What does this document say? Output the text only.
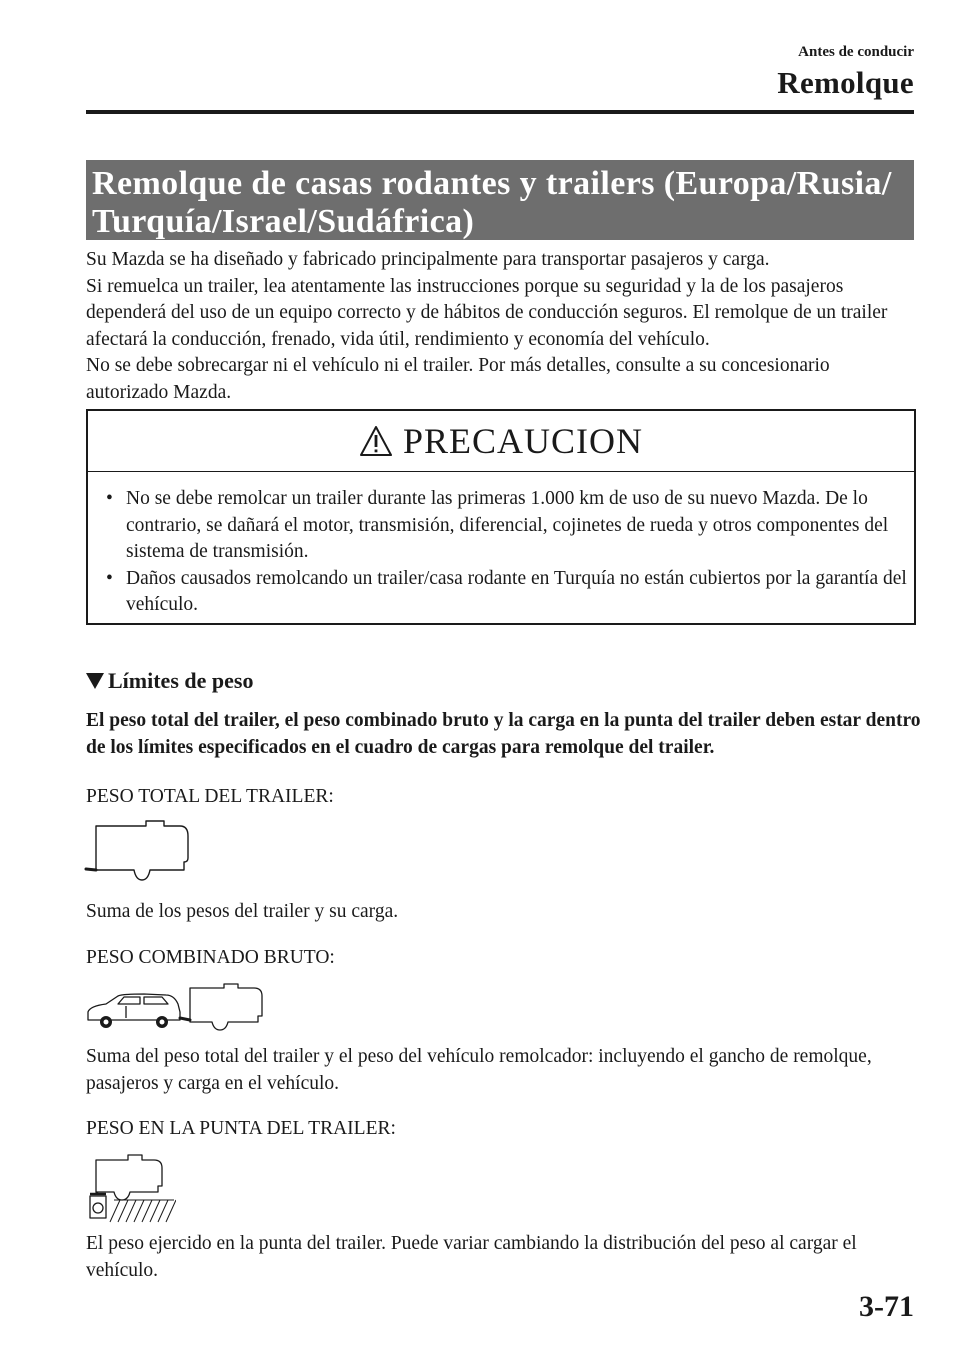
Antes de conducir
Remolque
Remolque de casas rodantes y trailers (Europa/Rusia/
Turquía/Israel/Sudáfrica)

Su Mazda se ha diseñado y fabricado principalmente para transportar pasajeros y carga.

Si remuelca un trailer, lea atentamente las instrucciones porque su seguridad y la de los pasajeros dependerá del uso de un equipo correcto y de hábitos de conducción seguros. El remolque de un trailer afectará la conducción, frenado, vida útil, rendimiento y economía del vehículo.

No se debe sobrecargar ni el vehículo ni el trailer. Por más detalles, consulte a su concesionario autorizado Mazda.

PRECAUCION
• No se debe remolcar un trailer durante las primeras 1.000 km de uso de su nuevo Mazda. De lo contrario, se dañará el motor, transmisión, diferencial, cojinetes de rueda y otros componentes del sistema de transmisión.
• Daños causados remolcando un trailer/casa rodante en Turquía no están cubiertos por la garantía del vehículo.
Límites de peso

El peso total del trailer, el peso combinado bruto y la carga en la punta del trailer deben estar dentro de los límites especificados en el cuadro de cargas para remolque del trailer.

PESO TOTAL DEL TRAILER:

Suma de los pesos del trailer y su carga.

PESO COMBINADO BRUTO:

Suma del peso total del trailer y el peso del vehículo remolcador: incluyendo el gancho de remolque, pasajeros y carga en el vehículo.

PESO EN LA PUNTA DEL TRAILER:

El peso ejercido en la punta del trailer. Puede variar cambiando la distribución del peso al cargar el vehículo.

3-71
